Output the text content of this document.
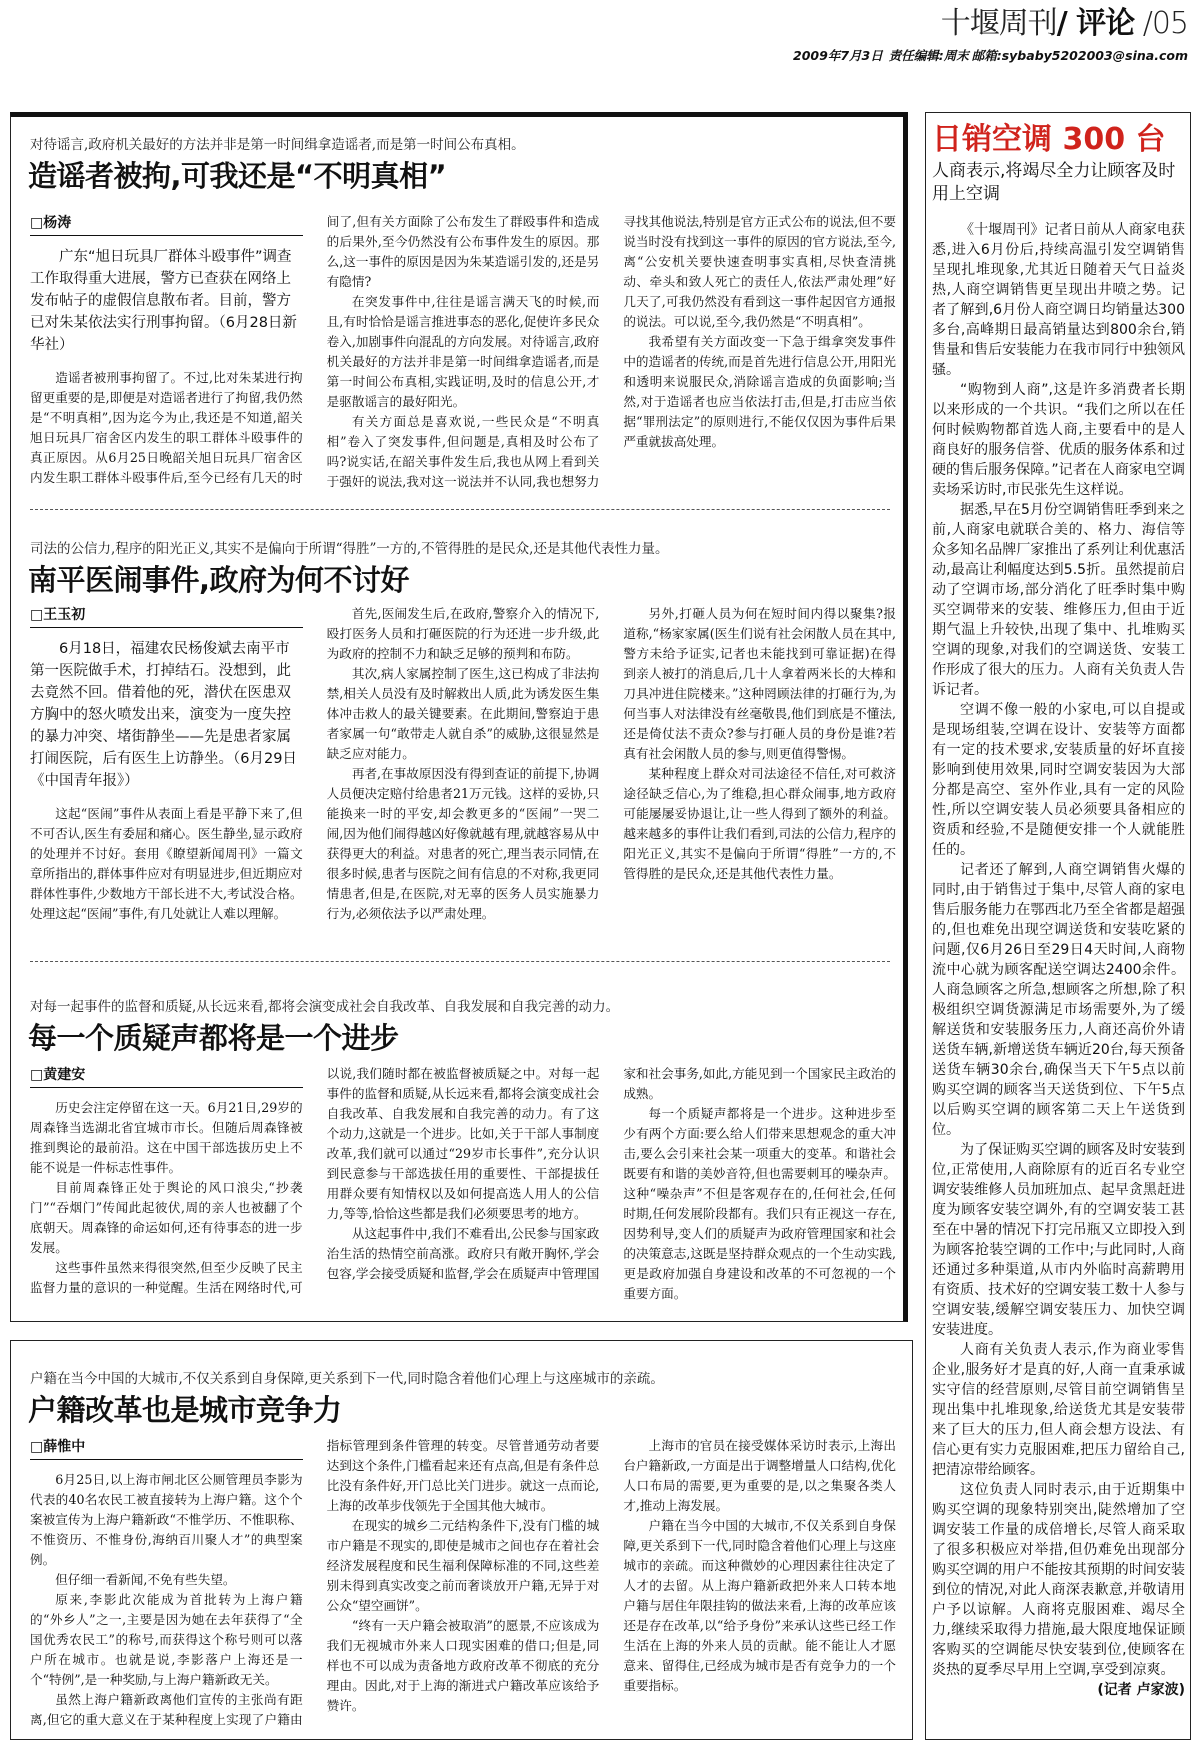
十堰周刊/ 评论 /05
2009年7月3日 责任编辑:周末 邮箱:sybaby5202003@sina.com
对待谣言,政府机关最好的方法并非是第一时间缉拿造谣者,而是第一时间公布真相。
造谣者被拘,可我还是“不明真相”
□杨涛

广东“旭日玩具厂群体斗殴事件”调查工作取得重大进展，警方已查获在网络上发布帖子的虚假信息散布者。目前，警方已对朱某依法实行刑事拘留。（6月28日新华社）

造谣者被刑事拘留了。不过,比对朱某进行拘留更重要的是,即便是对造谣者进行了拘留,我仍然是“不明真相”,因为迄今为止,我还是不知道,韶关旭日玩具厂宿舍区内发生的职工群体斗殴事件的真正原因。从6月25日晚韶关旭日玩具厂宿舍区内发生职工群体斗殴事件后,至今已经有几天的时间了,但有关方面除了公布发生了群殴事件和造成的后果外,至今仍然没有公布事件发生的原因。那么,这一事件的原因是因为朱某造谣引发的,还是另有隐情?

在突发事件中,往往是谣言满天飞的时候,而且,有时恰恰是谣言推进事态的恶化,促使许多民众卷入,加剧事件向混乱的方向发展。对待谣言,政府机关最好的方法并非是第一时间缉拿造谣者,而是第一时间公布真相,实践证明,及时的信息公开,才是驱散谣言的最好阳光。

有关方面总是喜欢说,一些民众是“不明真相”卷入了突发事件,但问题是,真相及时公布了吗?说实话,在韶关事件发生后,我也从网上看到关于强奸的说法,我对这一说法并不认同,我也想努力寻找其他说法,特别是官方正式公布的说法,但不要说当时没有找到这一事件的原因的官方说法,至今,离“公安机关要快速查明事实真相,尽快查清挑动、牵头和致人死亡的责任人,依法严肃处理”好几天了,可我仍然没有看到这一事件起因官方通报的说法。可以说,至今,我仍然是“不明真相”。

我希望有关方面改变一下急于缉拿突发事件中的造谣者的传统,而是首先进行信息公开,用阳光和透明来说服民众,消除谣言造成的负面影响;当然,对于造谣者也应当依法打击,但是,打击应当依据“罪刑法定”的原则进行,不能仅仅因为事件后果严重就拔高处理。

司法的公信力,程序的阳光正义,其实不是偏向于所谓“得胜”一方的,不管得胜的是民众,还是其他代表性力量。
南平医闹事件,政府为何不讨好
□王玉初

6月18日，福建农民杨俊斌去南平市第一医院做手术，打掉结石。没想到，此去竟然不回。借着他的死，潜伏在医患双方胸中的怒火喷发出来，演变为一度失控的暴力冲突、堵街静坐——先是患者家属打闹医院，后有医生上访静坐。（6月29日《中国青年报》）

这起“医闹”事件从表面上看是平静下来了,但不可否认,医生有委屈和痛心。医生静坐,显示政府的处理并不讨好。套用《瞭望新闻周刊》一篇文章所指出的,群体事件应对有明显进步,但近期应对群体性事件,少数地方干部长进不大,考试没合格。处理这起“医闹”事件,有几处就让人难以理解。

首先,医闹发生后,在政府,警察介入的情况下,殴打医务人员和打砸医院的行为还进一步升级,此为政府的控制不力和缺乏足够的预判和布防。

其次,病人家属控制了医生,这已构成了非法拘禁,相关人员没有及时解救出人质,此为诱发医生集体冲击救人的最关键要素。在此期间,警察迫于患者家属一句“敢带走人就自杀”的威胁,这很显然是缺乏应对能力。

再者,在事故原因没有得到查证的前提下,协调人员便决定赔付给患者21万元钱。这样的妥协,只能换来一时的平安,却会教更多的“医闹”一哭二闹,因为他们闹得越凶好像就越有理,就越容易从中获得更大的利益。对患者的死亡,理当表示同情,在很多时候,患者与医院之间有信息的不对称,我更同情患者,但是,在医院,对无辜的医务人员实施暴力行为,必须依法予以严肃处理。

另外,打砸人员为何在短时间内得以聚集?报道称,“杨家家属(医生们说有社会闲散人员在其中,警方未给予证实,记者也未能找到可靠证据)在得到亲人被打的消息后,几十人拿着两米长的大棒和刀具冲进住院楼来。”这种罔顾法律的打砸行为,为何当事人对法律没有丝毫敬畏,他们到底是不懂法,还是倚仗法不责众?参与打砸人员的身份是谁?若真有社会闲散人员的参与,则更值得警惕。

某种程度上群众对司法途径不信任,对可救济途径缺乏信心,为了维稳,担心群众闹事,地方政府可能屡屡妥协退让,让一些人得到了额外的利益。越来越多的事件让我们看到,司法的公信力,程序的阳光正义,其实不是偏向于所谓“得胜”一方的,不管得胜的是民众,还是其他代表性力量。

对每一起事件的监督和质疑,从长远来看,都将会演变成社会自我改革、自我发展和自我完善的动力。
每一个质疑声都将是一个进步
□黄建安

历史会注定停留在这一天。6月21日,29岁的周森锋当选湖北省宜城市市长。但随后周森锋被推到舆论的最前沿。这在中国干部选拔历史上不能不说是一件标志性事件。

目前周森锋正处于舆论的风口浪尖,“抄袭门”“吞烟门”传闻此起彼伏,周的亲人也被翻了个底朝天。周森锋的命运如何,还有待事态的进一步发展。

这些事件虽然来得很突然,但至少反映了民主监督力量的意识的一种觉醒。生活在网络时代,可以说,我们随时都在被监督被质疑之中。对每一起事件的监督和质疑,从长远来看,都将会演变成社会自我改革、自我发展和自我完善的动力。有了这个动力,这就是一个进步。比如,关于干部人事制度改革,我们就可以通过“29岁市长事件”,充分认识到民意参与干部选拔任用的重要性、干部提拔任用群众要有知情权以及如何提高选人用人的公信力,等等,恰恰这些都是我们必须要思考的地方。

从这起事件中,我们不难看出,公民参与国家政治生活的热情空前高涨。政府只有敞开胸怀,学会包容,学会接受质疑和监督,学会在质疑声中管理国家和社会事务,如此,方能见到一个国家民主政治的成熟。

每一个质疑声都将是一个进步。这种进步至少有两个方面:要么给人们带来思想观念的重大冲击,要么会引来社会某一项重大的变革。和谐社会既要有和谐的美妙音符,但也需要刺耳的噪杂声。这种“噪杂声”不但是客观存在的,任何社会,任何时期,任何发展阶段都有。我们只有正视这一存在,因势利导,变人们的质疑声为政府管理国家和社会的决策意志,这既是坚持群众观点的一个生动实践,更是政府加强自身建设和改革的不可忽视的一个重要方面。

户籍在当今中国的大城市,不仅关系到自身保障,更关系到下一代,同时隐含着他们心理上与这座城市的亲疏。
户籍改革也是城市竞争力
□薛惟中

6月25日,以上海市闸北区公厕管理员李影为代表的40名农民工被直接转为上海户籍。这个个案被宣传为上海户籍新政“不惟学历、不惟职称、不惟资历、不惟身份,海纳百川聚人才”的典型案例。

但仔细一看新闻,不免有些失望。

原来,李影此次能成为首批转为上海户籍的“外乡人”之一,主要是因为她在去年获得了“全国优秀农民工”的称号,而获得这个称号则可以落户所在城市。也就是说,李影落户上海还是一个“特例”,是一种奖励,与上海户籍新政无关。

虽然上海户籍新政离他们宣传的主张尚有距离,但它的重大意义在于某种程度上实现了户籍由指标管理到条件管理的转变。尽管普通劳动者要达到这个条件,门槛看起来还有点高,但是有条件总比没有条件好,开门总比关门进步。就这一点而论,上海的改革步伐领先于全国其他大城市。

在现实的城乡二元结构条件下,没有门槛的城市户籍是不现实的,即使是城市之间也存在着社会经济发展程度和民生福利保障标准的不同,这些差别未得到真实改变之前而奢谈放开户籍,无异于对公众“望空画饼”。

“终有一天户籍会被取消”的愿景,不应该成为我们无视城市外来人口现实困难的借口;但是,同样也不可以成为责备地方政府改革不彻底的充分理由。因此,对于上海的渐进式户籍改革应该给予赞许。

上海市的官员在接受媒体采访时表示,上海出台户籍新政,一方面是出于调整增量人口结构,优化人口布局的需要,更为重要的是,以之集聚各类人才,推动上海发展。

户籍在当今中国的大城市,不仅关系到自身保障,更关系到下一代,同时隐含着他们心理上与这座城市的亲疏。而这种微妙的心理因素往往决定了人才的去留。从上海户籍新政把外来人口转本地户籍与居住年限挂钩的做法来看,上海的改革应该还是存在改革,以“给予身份”来承认这些已经工作生活在上海的外来人员的贡献。能不能让人才愿意来、留得住,已经成为城市是否有竞争力的一个重要指标。

日销空调 300 台
人商表示,将竭尽全力让顾客及时用上空调

《十堰周刊》记者日前从人商家电获悉,进入6月份后,持续高温引发空调销售呈现扎堆现象,尤其近日随着天气日益炎热,人商空调销售更呈现出井喷之势。记者了解到,6月份人商空调日均销量达300多台,高峰期日最高销量达到800余台,销售量和售后安装能力在我市同行中独领风骚。

“购物到人商”,这是许多消费者长期以来形成的一个共识。“我们之所以在任何时候购物都首选人商,主要看中的是人商良好的服务信誉、优质的服务体系和过硬的售后服务保障。”记者在人商家电空调卖场采访时,市民张先生这样说。

据悉,早在5月份空调销售旺季到来之前,人商家电就联合美的、格力、海信等众多知名品牌厂家推出了系列让利优惠活动,最高让利幅度达到5.5折。虽然提前启动了空调市场,部分消化了旺季时集中购买空调带来的安装、维修压力,但由于近期气温上升较快,出现了集中、扎堆购买空调的现象,对我们的空调送货、安装工作形成了很大的压力。人商有关负责人告诉记者。

空调不像一般的小家电,可以自提或是现场组装,空调在设计、安装等方面都有一定的技术要求,安装质量的好坏直接影响到使用效果,同时空调安装因为大部分都是高空、室外作业,具有一定的风险性,所以空调安装人员必须要具备相应的资质和经验,不是随便安排一个人就能胜任的。

记者还了解到,人商空调销售火爆的同时,由于销售过于集中,尽管人商的家电售后服务能力在鄂西北乃至全省都是超强的,但也难免出现空调送货和安装吃紧的问题,仅6月26日至29日4天时间,人商物流中心就为顾客配送空调达2400余件。人商急顾客之所急,想顾客之所想,除了积极组织空调货源满足市场需要外,为了缓解送货和安装服务压力,人商还高价外请送货车辆,新增送货车辆近20台,每天预备送货车辆30余台,确保当天下午5点以前购买空调的顾客当天送货到位、下午5点以后购买空调的顾客第二天上午送货到位。

为了保证购买空调的顾客及时安装到位,正常使用,人商除原有的近百名专业空调安装维修人员加班加点、起早贪黑赶进度为顾客安装空调外,有的空调安装工甚至在中暑的情况下打完吊瓶又立即投入到为顾客抢装空调的工作中;与此同时,人商还通过多种渠道,从市内外临时高薪聘用有资质、技术好的空调安装工数十人参与空调安装,缓解空调安装压力、加快空调安装进度。

人商有关负责人表示,作为商业零售企业,服务好才是真的好,人商一直秉承诚实守信的经营原则,尽管目前空调销售呈现出集中扎堆现象,给送货尤其是安装带来了巨大的压力,但人商会想方设法、有信心更有实力克服困难,把压力留给自己,把清凉带给顾客。

这位负责人同时表示,由于近期集中购买空调的现象特别突出,陡然增加了空调安装工作量的成倍增长,尽管人商采取了很多积极应对举措,但仍难免出现部分购买空调的用户不能按其预期的时间安装到位的情况,对此人商深表歉意,并敬请用户予以谅解。人商将克服困难、竭尽全力,继续采取得力措施,最大限度地保证顾客购买的空调能尽快安装到位,使顾客在炎热的夏季尽早用上空调,享受到凉爽。

(记者 卢家波)
